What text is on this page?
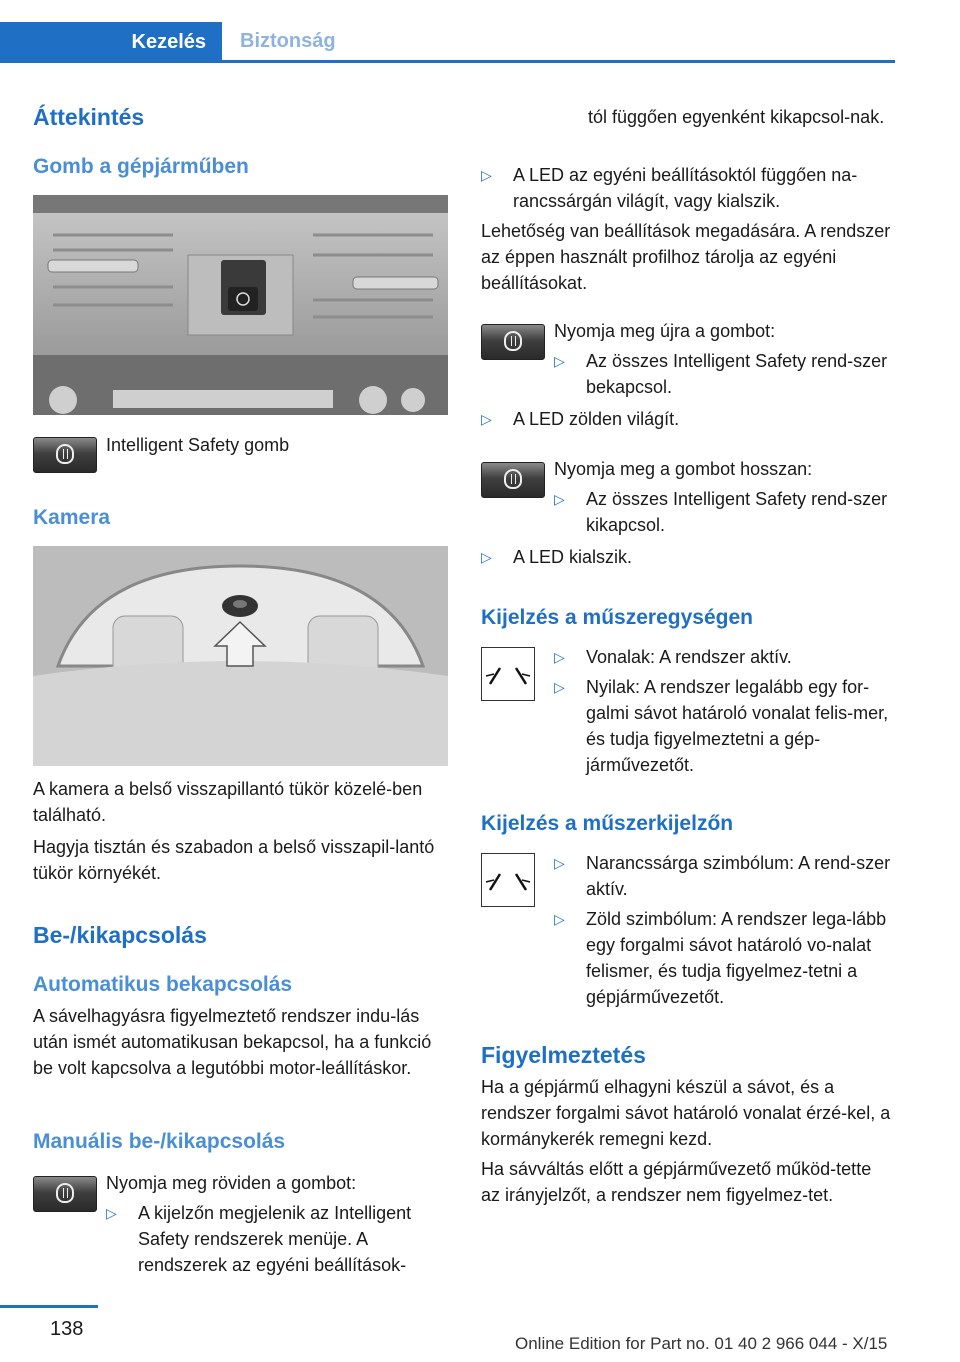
Kezelés	Biztonság
Áttekintés
Gomb a gépjárműben

Intelligent Safety gomb

Kamera

A kamera a belső visszapillantó tükör közelé‐ben található.

Hagyja tisztán és szabadon a belső visszapil‐lantó tükör környékét.

Be-/kikapcsolás
Automatikus bekapcsolás

A sávelhagyásra figyelmeztető rendszer indu‐lás után ismét automatikusan bekapcsol, ha a funkció be volt kapcsolva a legutóbbi motor‐leállításkor.

Manuális be-/kikapcsolás

Nyomja meg röviden a gombot:

▷ A kijelzőn megjelenik az Intelligent Safety rendszerek menüje. A rendszerek az egyéni beállítások‐

tól függően egyenként kikapcsol‐nak.

▷ A LED az egyéni beállításoktól függően na‐rancssárgán világít, vagy kialszik.

Lehetőség van beállítások megadására. A rendszer az éppen használt profilhoz tárolja az egyéni beállításokat.

Nyomja meg újra a gombot:

▷ Az összes Intelligent Safety rend‐szer bekapcsol.
▷ A LED zölden világít.

Nyomja meg a gombot hosszan:

▷ Az összes Intelligent Safety rend‐szer kikapcsol.
▷ A LED kialszik.
Kijelzés a műszeregységen
▷ Vonalak: A rendszer aktív.
▷ Nyilak: A rendszer legalább egy for‐galmi sávot határoló vonalat felis‐mer, és tudja figyelmeztetni a gép‐járművezetőt.
Kijelzés a műszerkijelzőn
▷ Narancssárga szimbólum: A rend‐szer aktív.
▷ Zöld szimbólum: A rendszer lega‐lább egy forgalmi sávot határoló vo‐nalat felismer, és tudja figyelmez‐tetni a gépjárművezetőt.
Figyelmeztetés

Ha a gépjármű elhagyni készül a sávot, és a rendszer forgalmi sávot határoló vonalat érzé‐kel, a kormánykerék remegni kezd.

Ha sávváltás előtt a gépjárművezető működ‐tette az irányjelzőt, a rendszer nem figyelmez‐tet.

138
Online Edition for Part no. 01 40 2 966 044 - X/15
